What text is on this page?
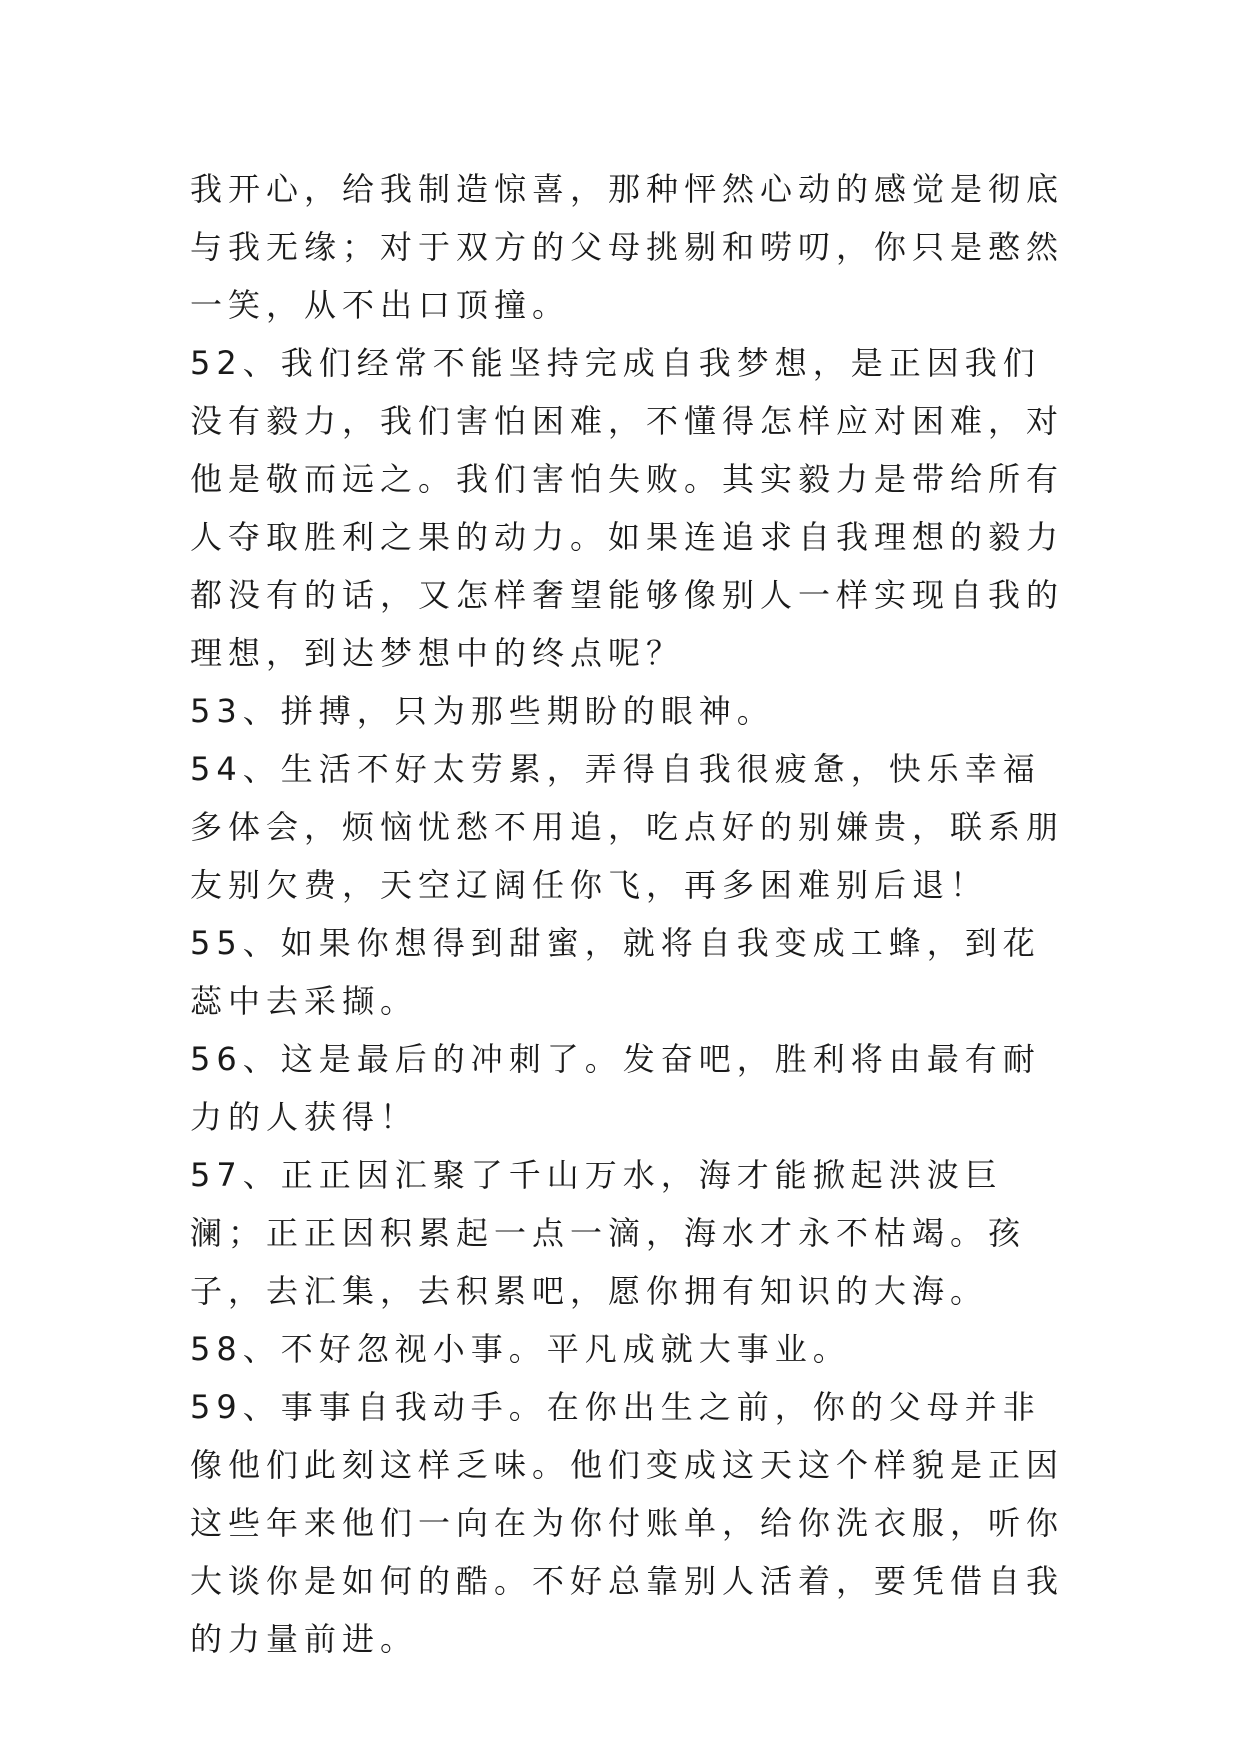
我开心，给我制造惊喜，那种怦然心动的感觉是彻底与我无缘；对于双方的父母挑剔和唠叨，你只是憨然一笑，从不出口顶撞。

52、我们经常不能坚持完成自我梦想，是正因我们没有毅力，我们害怕困难，不懂得怎样应对困难，对他是敬而远之。我们害怕失败。其实毅力是带给所有人夺取胜利之果的动力。如果连追求自我理想的毅力都没有的话，又怎样奢望能够像别人一样实现自我的理想，到达梦想中的终点呢？

53、拼搏，只为那些期盼的眼神。

54、生活不好太劳累，弄得自我很疲惫，快乐幸福多体会，烦恼忧愁不用追，吃点好的别嫌贵，联系朋友别欠费，天空辽阔任你飞，再多困难别后退！

55、如果你想得到甜蜜，就将自我变成工蜂，到花蕊中去采撷。

56、这是最后的冲刺了。发奋吧，胜利将由最有耐力的人获得！

57、正正因汇聚了千山万水，海才能掀起洪波巨澜；正正因积累起一点一滴，海水才永不枯竭。孩子，去汇集，去积累吧，愿你拥有知识的大海。

58、不好忽视小事。平凡成就大事业。

59、事事自我动手。在你出生之前，你的父母并非像他们此刻这样乏味。他们变成这天这个样貌是正因这些年来他们一向在为你付账单，给你洗衣服，听你大谈你是如何的酷。不好总靠别人活着，要凭借自我的力量前进。
